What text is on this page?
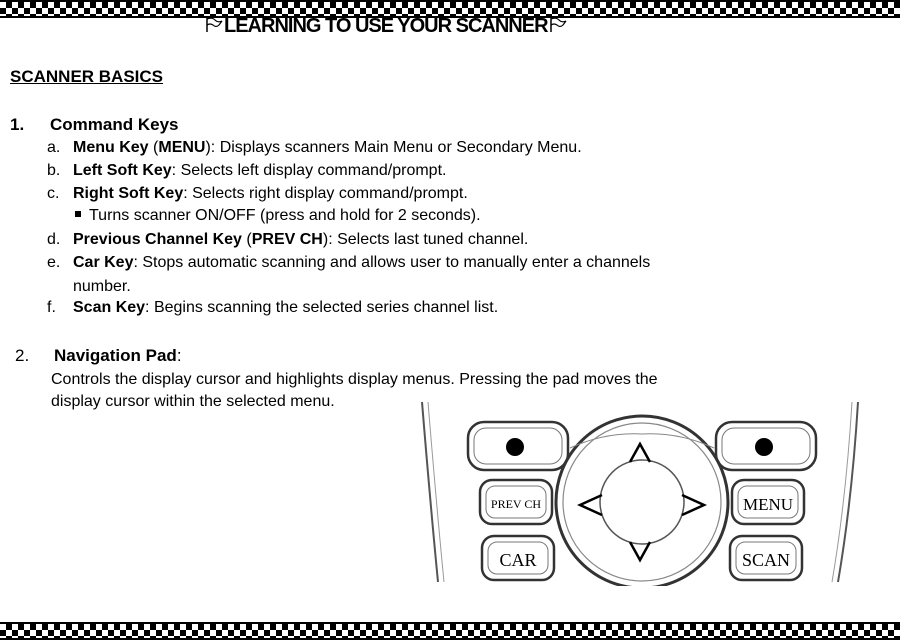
LEARNING TO USE YOUR SCANNER
SCANNER BASICS
1. Command Keys
a. Menu Key (MENU): Displays scanners Main Menu or Secondary Menu.
b. Left Soft Key: Selects left display command/prompt.
c. Right Soft Key: Selects right display command/prompt.
Turns scanner ON/OFF (press and hold for 2 seconds).
d. Previous Channel Key (PREV CH): Selects last tuned channel.
e. Car Key: Stops automatic scanning and allows user to manually enter a channels
number.
f. Scan Key: Begins scanning the selected series channel list.
2. Navigation Pad:
Controls the display cursor and highlights display menus. Pressing the pad moves the
display cursor within the selected menu.
PREV CH	MENU
CAR	SCAN
